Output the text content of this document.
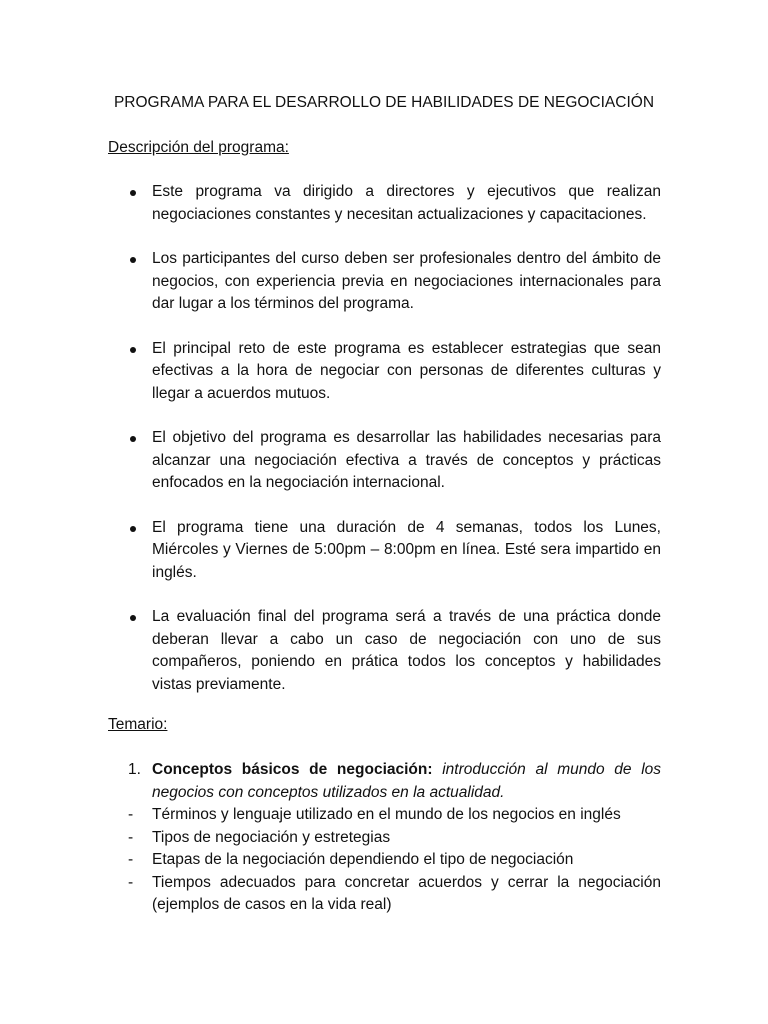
PROGRAMA PARA EL DESARROLLO DE HABILIDADES DE NEGOCIACIÓN
Descripción del programa:
Este programa va dirigido a directores y ejecutivos que realizan negociaciones constantes y necesitan actualizaciones y capacitaciones.
Los participantes del curso deben ser profesionales dentro del ámbito de negocios, con experiencia previa en negociaciones internacionales para dar lugar a los términos del programa.
El principal reto de este programa es establecer estrategias que sean efectivas a la hora de negociar con personas de diferentes culturas y llegar a acuerdos mutuos.
El objetivo del programa es desarrollar las habilidades necesarias para alcanzar una negociación efectiva a través de conceptos y prácticas enfocados en la negociación internacional.
El programa tiene una duración de 4 semanas, todos los Lunes, Miércoles y Viernes de 5:00pm – 8:00pm en línea. Esté sera impartido en inglés.
La evaluación final del programa será a través de una práctica donde deberan llevar a cabo un caso de negociación con uno de sus compañeros, poniendo en prática todos los conceptos y habilidades vistas previamente.
Temario:
1. Conceptos básicos de negociación: introducción al mundo de los negocios con conceptos utilizados en la actualidad.
- Términos y lenguaje utilizado en el mundo de los negocios en inglés
- Tipos de negociación y estretegias
- Etapas de la negociación dependiendo el tipo de negociación
- Tiempos adecuados para concretar acuerdos y cerrar la negociación (ejemplos de casos en la vida real)
